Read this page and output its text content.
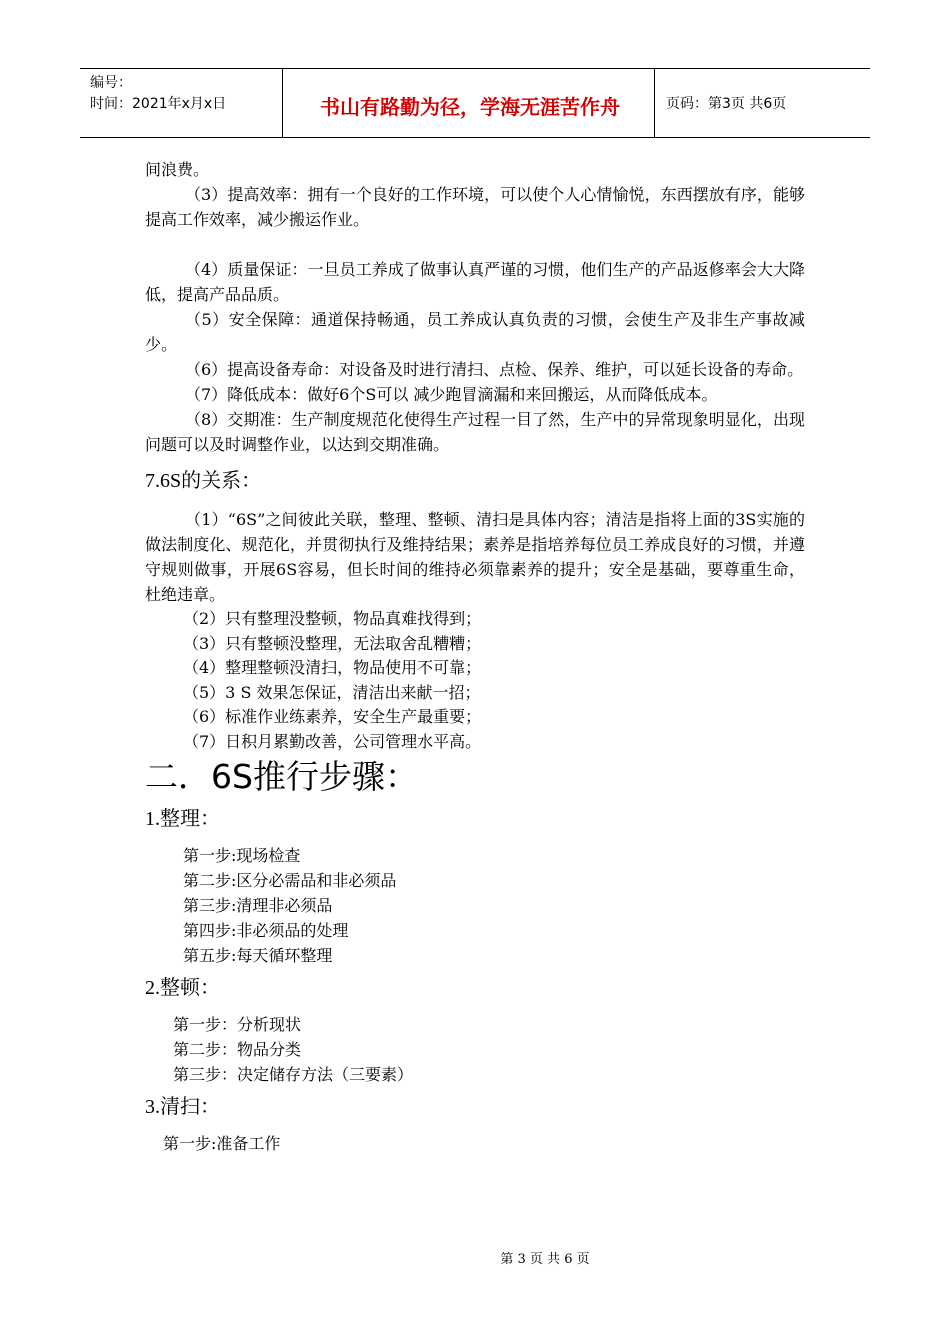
编号：
时间：2021年x月x日	书山有路勤为径，学海无涯苦作舟	页码：第3页 共6页

间浪费。

（3）提高效率：拥有一个良好的工作环境，可以使个人心情愉悦，东西摆放有序，能够提高工作效率，减少搬运作业。

（4）质量保证：一旦员工养成了做事认真严谨的习惯，他们生产的产品返修率会大大降低，提高产品品质。

（5）安全保障：通道保持畅通，员工养成认真负责的习惯，会使生产及非生产事故减少。

（6）提高设备寿命：对设备及时进行清扫、点检、保养、维护，可以延长设备的寿命。

（7）降低成本：做好6个S可以 减少跑冒滴漏和来回搬运，从而降低成本。

（8）交期准：生产制度规范化使得生产过程一目了然，生产中的异常现象明显化，出现问题可以及时调整作业，以达到交期准确。

7.6S的关系：

（1）“6S”之间彼此关联，整理、整顿、清扫是具体内容；清洁是指将上面的3S实施的做法制度化、规范化，并贯彻执行及维持结果；素养是指培养每位员工养成良好的习惯，并遵守规则做事，开展6S容易，但长时间的维持必须靠素养的提升；安全是基础，要尊重生命，杜绝违章。

（2）只有整理没整顿，物品真难找得到；

（3）只有整顿没整理，无法取舍乱糟糟；

（4）整理整顿没清扫，物品使用不可靠；

（5）3 S 效果怎保证，清洁出来献一招；

（6）标准作业练素养，安全生产最重要；

（7）日积月累勤改善，公司管理水平高。

二．6S推行步骤：
1.整理：

第一步:现场检查

第二步:区分必需品和非必须品

第三步:清理非必须品

第四步:非必须品的处理

第五步:每天循环整理

2.整顿：

第一步：分析现状

第二步：物品分类

第三步：决定储存方法（三要素）

3.清扫：

第一步:准备工作

第 3 页 共 6 页
